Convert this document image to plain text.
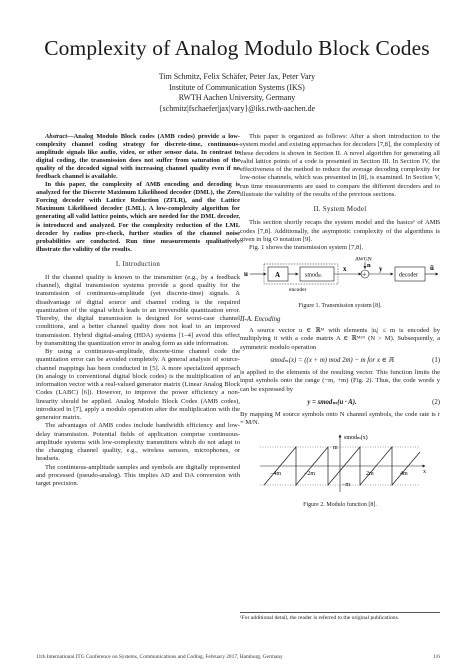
Complexity of Analog Modulo Block Codes
Tim Schmitz, Felix Schäfer, Peter Jax, Peter Vary
Institute of Communication Systems (IKS)
RWTH Aachen University, Germany
{schmitz|fschaefer|jax|vary}@iks.rwth-aachen.de

Abstract—Analog Modulo Block codes (AMB codes) provide a low-complexity channel coding strategy for discrete-time, continuous-amplitude signals like audio, video, or other sensor data. In contrast to digital coding, the transmission does not suffer from saturation of the quality of the decoded signal with increasing channel quality even if no feedback channel is available.

In this paper, the complexity of AMB encoding and decoding is analyzed for the Discrete Maximum Likelihood decoder (DML), the Zero Forcing decoder with Lattice Reduction (ZFLR), and the Lattice Maximum Likelihood decoder (LML). A low-complexity algorithm for generating all valid lattice points, which are needed for the DML decoder, is introduced and analyzed. For the complexity reduction of the LML decoder by radius pre-check, further studies of the channel noise probabilities are conducted. Run time measurements qualitatively illustrate the validity of the results.

I. Introduction

If the channel quality is known to the transmitter (e.g., by a feedback channel), digital transmission systems provide a good quality for the transmission of continuous-amplitude (yet discrete-time) signals. A disadvantage of digital source and channel coding is the required quantization of the signal which leads to an irreversible quantization error. Thereby, the digital transmission is designed for worst-case channel conditions, and a better channel quality does not lead to an improved transmission. Hybrid digital-analog (HDA) systems [1–4] avoid this effect by transmitting the quantization error in analog form as side information.

By using a continuous-amplitude, discrete-time channel code the quantization error can be avoided completely. A general analysis of source-channel mappings has been conducted in [5]. A more specialized approach (in analogy to conventional digital block codes) is the multiplication of an information vector with a real-valued generator matrix (Linear Analog Block Codes (LABC) [6]). However, to improve the power efficiency a non-linearity should be applied. Analog Modulo Block Codes (AMB codes), introduced in [7], apply a modulo operation after the multiplication with the generator matrix.

The advantages of AMB codes include bandwidth efficiency and low-delay transmission. Potential fields of application comprise continuous-amplitude systems with low-complexity transmitters which do not adapt to the changing channel quality, e.g., wireless sensors, microphones, or headsets.

The continuous-amplitude samples and symbols are digitally represented and processed (pseudo-analog). This implies AD and DA conversion with target precision.

This paper is organized as follows: After a short introduction to the system model and existing approaches for decoders [7,8], the complexity of these decoders is shown in Section II. A novel algorithm for generating all valid lattice points of a code is presented in Section III. In Section IV, the effectiveness of the method to reduce the average decoding complexity for low-noise channels, which was presented in [8], is examined. In Section V, run time measurements are used to compare the different decoders and to illustrate the validity of the results of the previous sections.

II. System Model

This section shortly recaps the system model and the basics¹ of AMB codes [7,8]. Additionally, the asymptotic complexity of the algorithms is given in big O notation [9].

Fig. 1 shows the transmission system [7,8].

u	A	smodₘ
encoder
x
+
AWGN
n y
decoder
û
Figure 1. Transmission system [8].
II-A. Encoding

A source vector u ∈ ℝᴹ with elements |uᵢ| ≤ m is encoded by multiplying it with a code matrix A ∈ ℝᴹˣᴺ (N > M). Subsequently, a symmetric modulo operation

smodₘ(x) = ((x + m) mod 2m) − m for x ∈ ℝ	(1)

is applied to the elements of the resulting vector. This function limits the input symbols onto the range (−m, +m) (Fig. 2). Thus, the code words y can be expressed by

y = smodₘ(u · A).	(2)

By mapping M source symbols onto N channel symbols, the code rate is r = M/N.

smodₘ(x)
m
−m
x
−4m	−2m	2m	4m
Figure 2. Modulo function [8].
¹For additional detail, the reader is referred to the original publications.
11th International ITG Conference on Systems, Communications and Coding, February 2017, Hamburg, Germany	1/6
